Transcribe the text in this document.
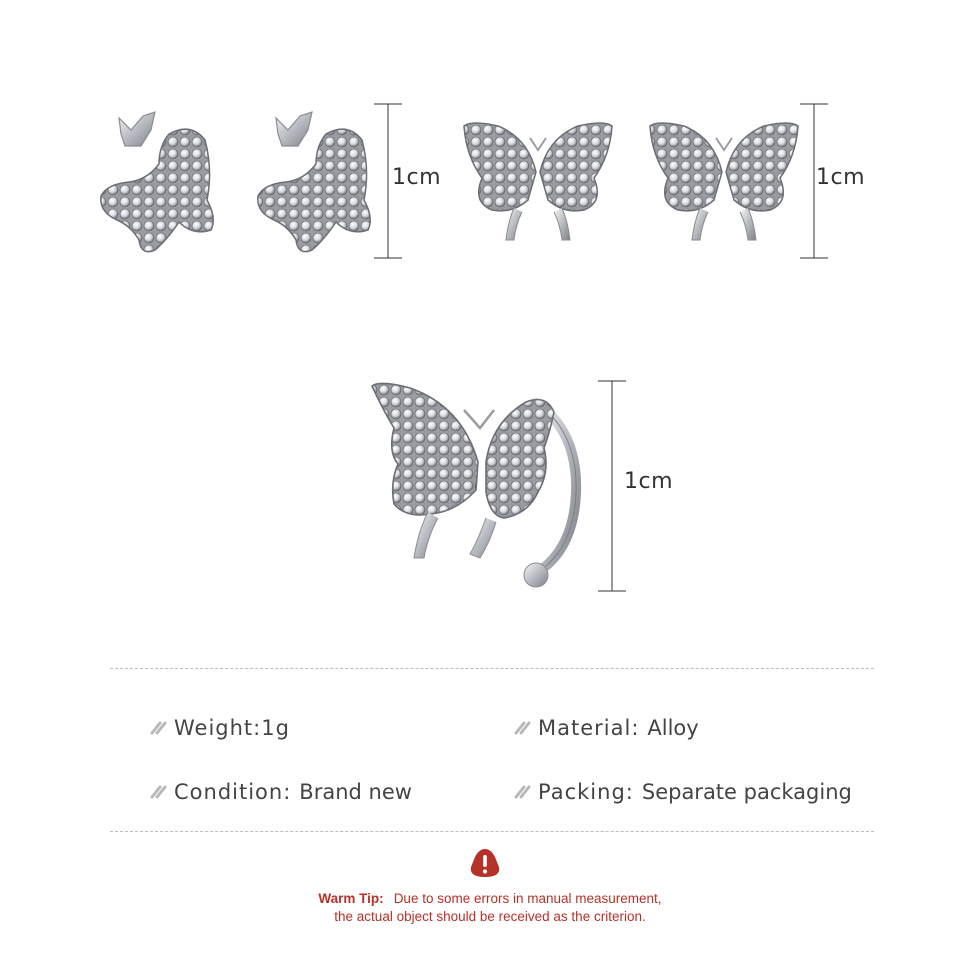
1cm	1cm
1cm
Weight: 1g	Material: Alloy
Condition: Brand new	Packing: Separate packaging
Warm Tip: Due to some errors in manual measurement,
the actual object should be received as the criterion.
